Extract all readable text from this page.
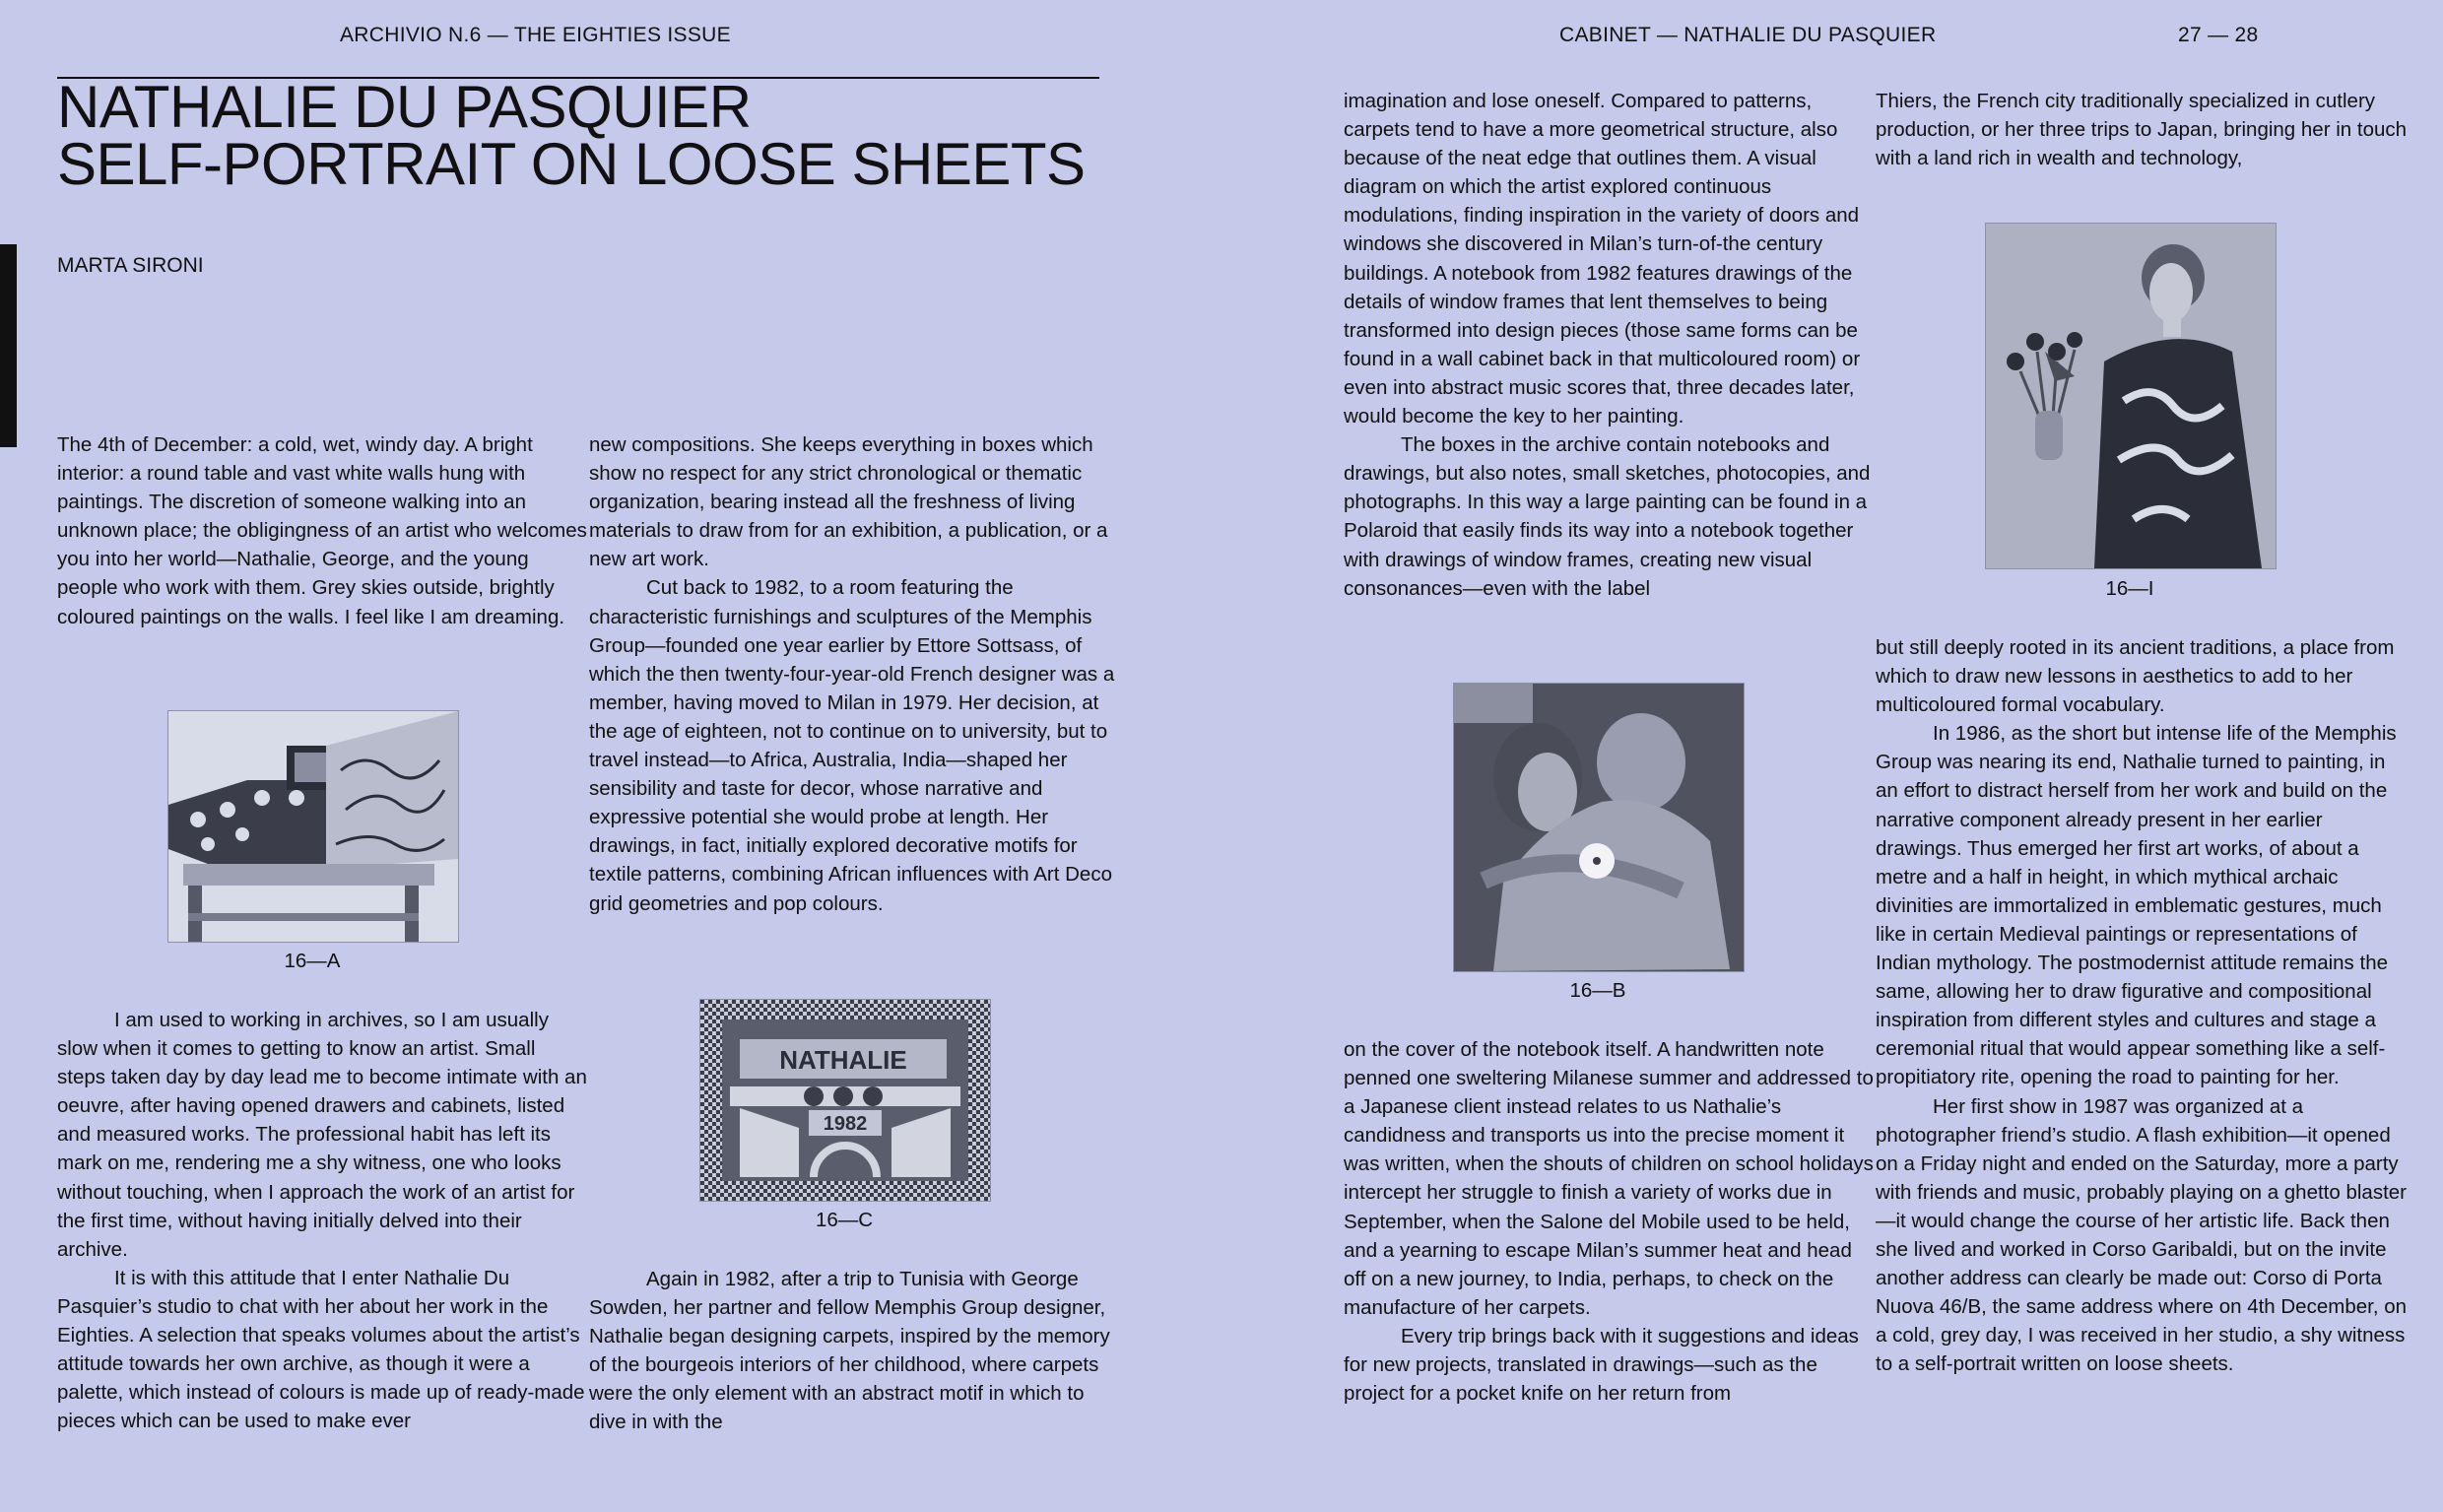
ARCHIVIO N.6 — THE EIGHTIES ISSUE	CABINET — NATHALIE DU PASQUIER	27 — 28
NATHALIE DU PASQUIER
SELF-PORTRAIT ON LOOSE SHEETS
MARTA SIRONI

The 4th of December: a cold, wet, windy day. A bright interior: a round table and vast white walls hung with paintings. The discretion of someone walking into an unknown place; the obligingness of an artist who welcomes you into her world—Nathalie, George, and the young people who work with them. Grey skies outside, brightly coloured paintings on the walls. I feel like I am dreaming.

16—A

I am used to working in archives, so I am usually slow when it comes to getting to know an artist. Small steps taken day by day lead me to become intimate with an oeuvre, after having opened drawers and cabinets, listed and measured works. The professional habit has left its mark on me, rendering me a shy witness, one who looks without touching, when I approach the work of an artist for the first time, without having initially delved into their archive.

It is with this attitude that I enter Nathalie Du Pasquier’s studio to chat with her about her work in the Eighties. A selection that speaks volumes about the artist’s attitude towards her own archive, as though it were a palette, which instead of colours is made up of ready-made pieces which can be used to make ever

new compositions. She keeps everything in boxes which show no respect for any strict chronological or thematic organization, bearing instead all the freshness of living materials to draw from for an exhibition, a publication, or a new art work.

Cut back to 1982, to a room featuring the characteristic furnishings and sculptures of the Memphis Group—founded one year earlier by Ettore Sottsass, of which the then twenty-four-year-old French designer was a member, having moved to Milan in 1979. Her decision, at the age of eighteen, not to continue on to university, but to travel instead—to Africa, Australia, India—shaped her sensibility and taste for decor, whose narrative and expressive potential she would probe at length. Her drawings, in fact, initially explored decorative motifs for textile patterns, combining African influences with Art Deco grid geometries and pop colours.

NATHALIE
1982
16—C

Again in 1982, after a trip to Tunisia with George Sowden, her partner and fellow Memphis Group designer, Nathalie began designing carpets, inspired by the memory of the bourgeois interiors of her childhood, where carpets were the only element with an abstract motif in which to dive in with the

imagination and lose oneself. Compared to patterns, carpets tend to have a more geometrical structure, also because of the neat edge that outlines them. A visual diagram on which the artist explored continuous modulations, finding inspiration in the variety of doors and windows she discovered in Milan’s turn-of-the century buildings. A notebook from 1982 features drawings of the details of window frames that lent themselves to being transformed into design pieces (those same forms can be found in a wall cabinet back in that multicoloured room) or even into abstract music scores that, three decades later, would become the key to her painting.

The boxes in the archive contain notebooks and drawings, but also notes, small sketches, photocopies, and photographs. In this way a large painting can be found in a Polaroid that easily finds its way into a notebook together with drawings of window frames, creating new visual consonances—even with the label

16—B

on the cover of the notebook itself. A handwritten note penned one sweltering Milanese summer and addressed to a Japanese client instead relates to us Nathalie’s candidness and transports us into the precise moment it was written, when the shouts of children on school holidays intercept her struggle to finish a variety of works due in September, when the Salone del Mobile used to be held, and a yearning to escape Milan’s summer heat and head off on a new journey, to India, perhaps, to check on the manufacture of her carpets.

Every trip brings back with it suggestions and ideas for new projects, translated in drawings—such as the project for a pocket knife on her return from

Thiers, the French city traditionally specialized in cutlery production, or her three trips to Japan, bringing her in touch with a land rich in wealth and technology,

16—I

but still deeply rooted in its ancient traditions, a place from which to draw new lessons in aesthetics to add to her multicoloured formal vocabulary.

In 1986, as the short but intense life of the Memphis Group was nearing its end, Nathalie turned to painting, in an effort to distract herself from her work and build on the narrative component already present in her earlier drawings. Thus emerged her first art works, of about a metre and a half in height, in which mythical archaic divinities are immortalized in emblematic gestures, much like in certain Medieval paintings or representations of Indian mythology. The postmodernist attitude remains the same, allowing her to draw figurative and compositional inspiration from different styles and cultures and stage a ceremonial ritual that would appear something like a self-propitiatory rite, opening the road to painting for her.

Her first show in 1987 was organized at a photographer friend’s studio. A flash exhibition—it opened on a Friday night and ended on the Saturday, more a party with friends and music, probably playing on a ghetto blaster—it would change the course of her artistic life. Back then she lived and worked in Corso Garibaldi, but on the invite another address can clearly be made out: Corso di Porta Nuova 46/B, the same address where on 4th December, on a cold, grey day, I was received in her studio, a shy witness to a self-portrait written on loose sheets.
